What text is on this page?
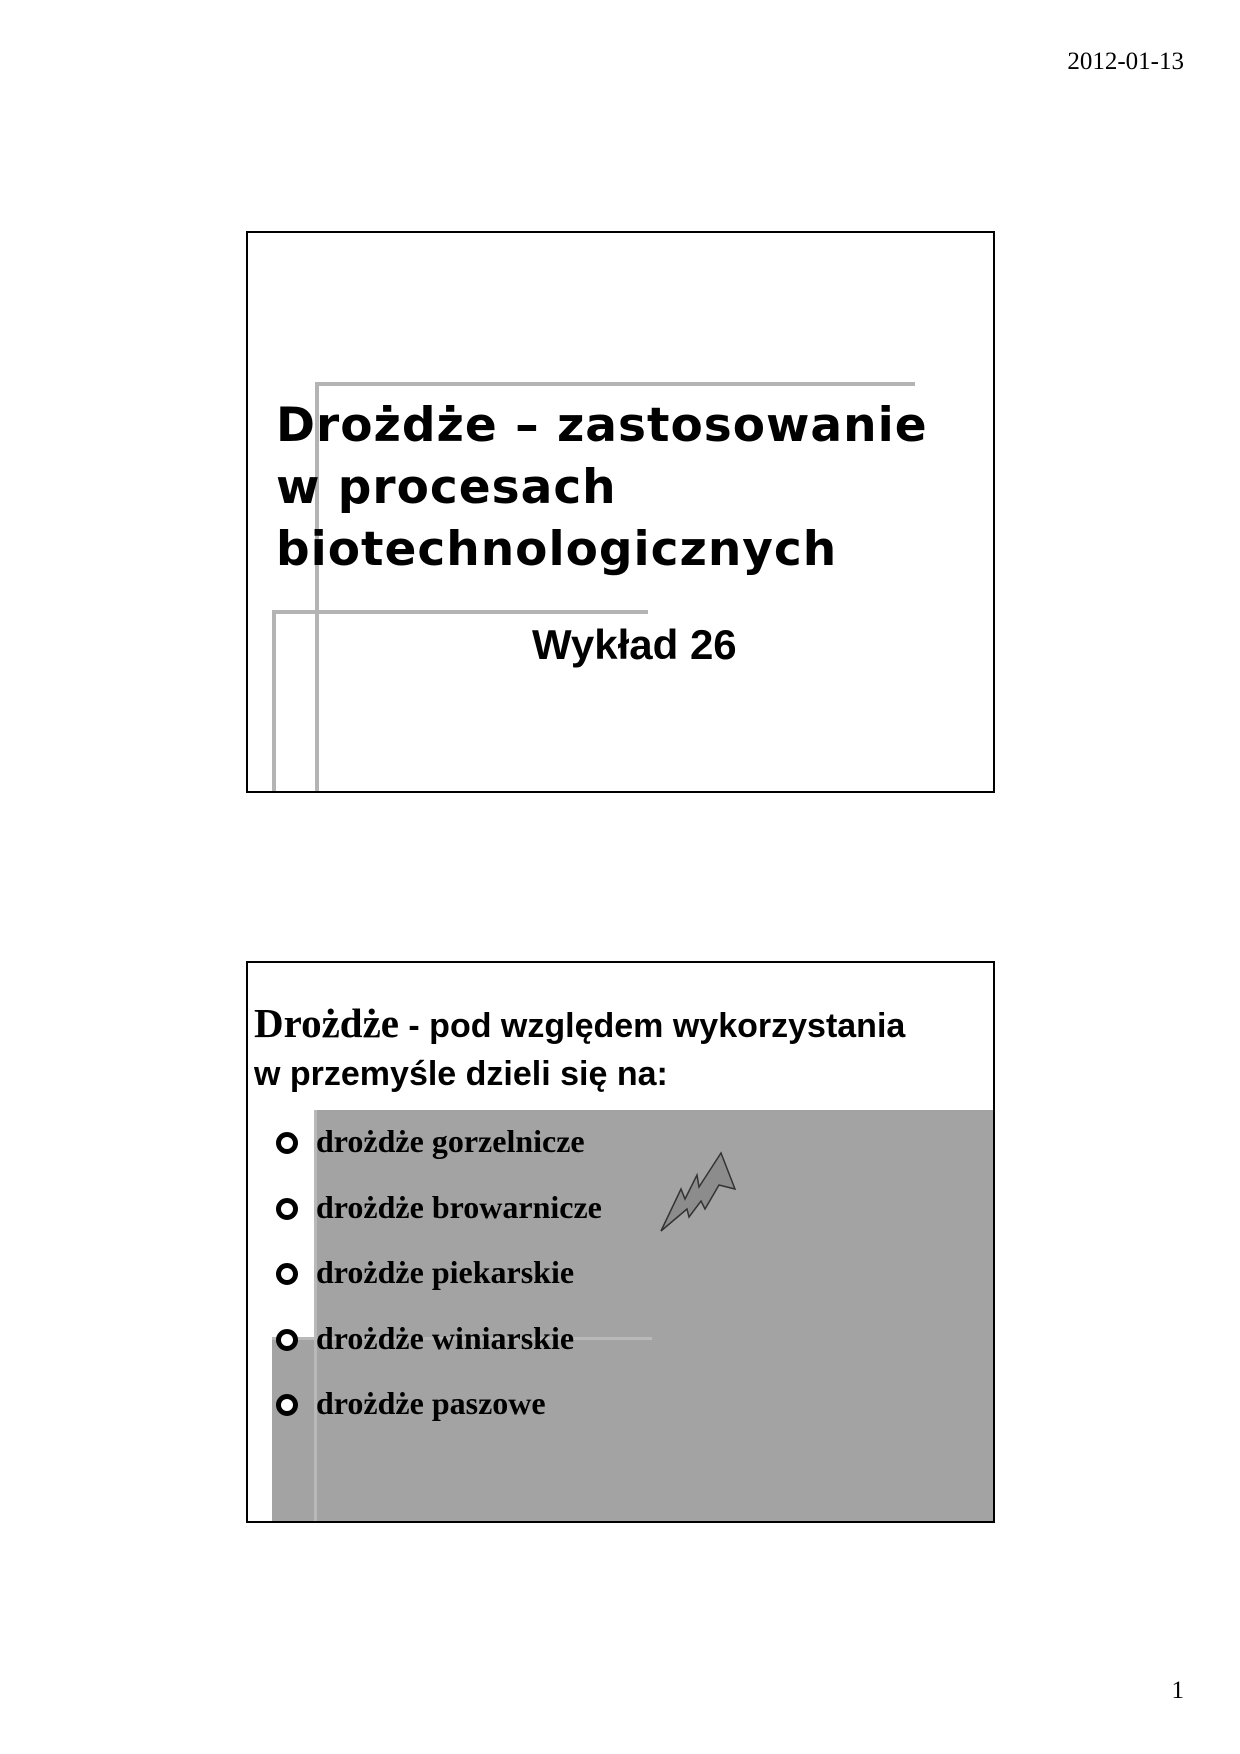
2012-01-13
Drożdże – zastosowanie
w procesach
biotechnologicznych
Wykład 26
Drożdże - pod względem wykorzystania
w przemyśle dzieli się na:
drożdże gorzelnicze
drożdże browarnicze
drożdże piekarskie
drożdże winiarskie
drożdże paszowe
1
